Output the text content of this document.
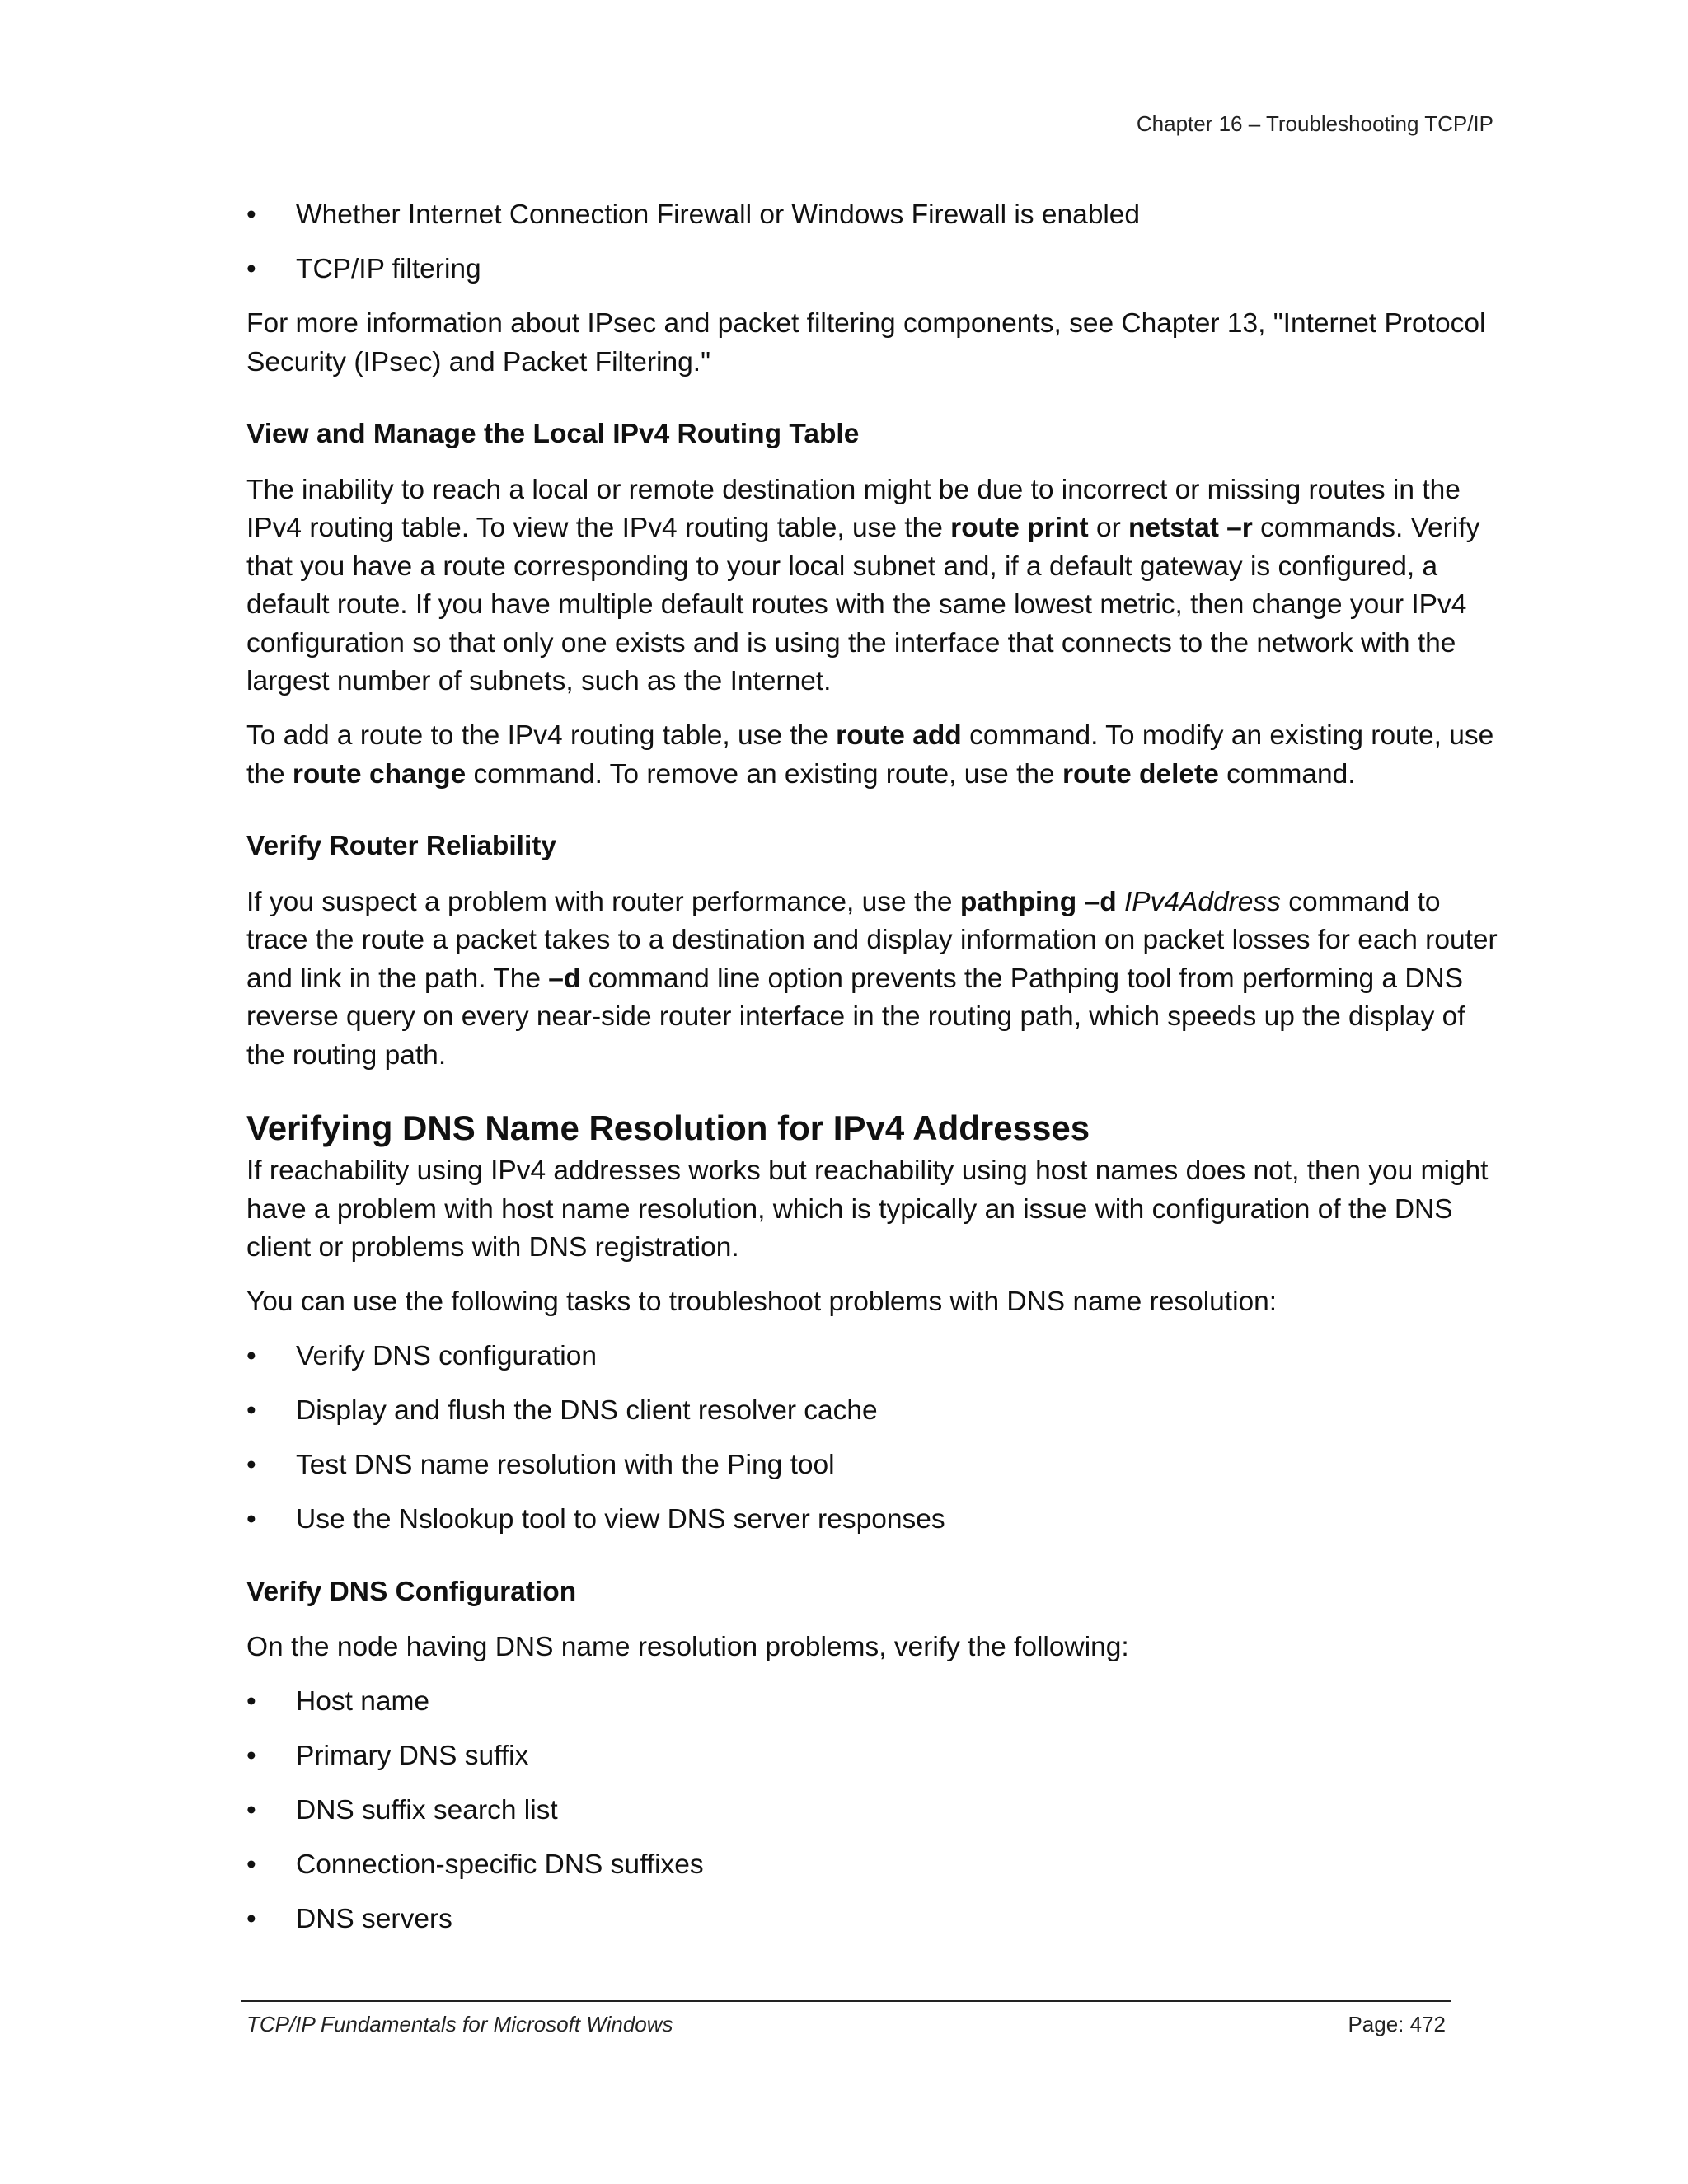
Chapter 16 – Troubleshooting TCP/IP
• Whether Internet Connection Firewall or Windows Firewall is enabled
• TCP/IP filtering

For more information about IPsec and packet filtering components, see Chapter 13, "Internet Protocol Security (IPsec) and Packet Filtering."

View and Manage the Local IPv4 Routing Table

The inability to reach a local or remote destination might be due to incorrect or missing routes in the IPv4 routing table. To view the IPv4 routing table, use the route print or netstat –r commands. Verify that you have a route corresponding to your local subnet and, if a default gateway is configured, a default route. If you have multiple default routes with the same lowest metric, then change your IPv4 configuration so that only one exists and is using the interface that connects to the network with the largest number of subnets, such as the Internet.

To add a route to the IPv4 routing table, use the route add command. To modify an existing route, use the route change command. To remove an existing route, use the route delete command.

Verify Router Reliability

If you suspect a problem with router performance, use the pathping –d IPv4Address command to trace the route a packet takes to a destination and display information on packet losses for each router and link in the path. The –d command line option prevents the Pathping tool from performing a DNS reverse query on every near-side router interface in the routing path, which speeds up the display of the routing path.

Verifying DNS Name Resolution for IPv4 Addresses

If reachability using IPv4 addresses works but reachability using host names does not, then you might have a problem with host name resolution, which is typically an issue with configuration of the DNS client or problems with DNS registration.

You can use the following tasks to troubleshoot problems with DNS name resolution:

• Verify DNS configuration
• Display and flush the DNS client resolver cache
• Test DNS name resolution with the Ping tool
• Use the Nslookup tool to view DNS server responses
Verify DNS Configuration

On the node having DNS name resolution problems, verify the following:

• Host name
• Primary DNS suffix
• DNS suffix search list
• Connection-specific DNS suffixes
• DNS servers
TCP/IP Fundamentals for Microsoft Windows	Page: 472
